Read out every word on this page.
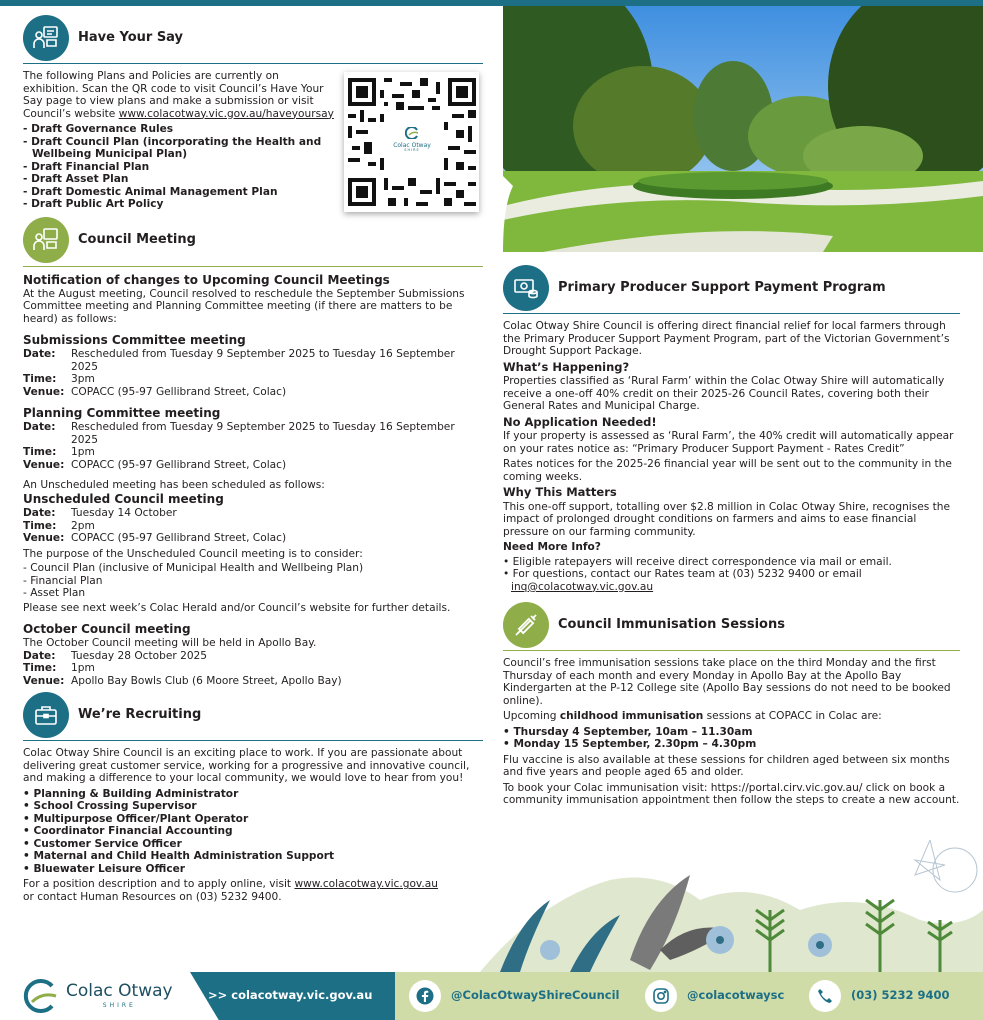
Have Your Say

The following Plans and Policies are currently on exhibition. Scan the QR code to visit Council’s Have Your Say page to view plans and make a submission or visit Council’s website www.colacotway.vic.gov.au/haveyoursay

- Draft Governance Rules
- Draft Council Plan (incorporating the Health and
Wellbeing Municipal Plan)
- Draft Financial Plan
- Draft Asset Plan
- Draft Domestic Animal Management Plan
- Draft Public Art Policy
Colac Otway
SHIRE
Council Meeting
Notification of changes to Upcoming Council Meetings

At the August meeting, Council resolved to reschedule the September Submissions Committee meeting and Planning Committee meeting (if there are matters to be heard) as follows:

Submissions Committee meeting
Date:	Rescheduled from Tuesday 9 September 2025 to Tuesday 16 September 2025
Time:	3pm
Venue: COPACC (95-97 Gellibrand Street, Colac)
Planning Committee meeting
Date:	Rescheduled from Tuesday 9 September 2025 to Tuesday 16 September 2025
Time:	1pm
Venue: COPACC (95-97 Gellibrand Street, Colac)

An Unscheduled meeting has been scheduled as follows:

Unscheduled Council meeting
Date:	Tuesday 14 October
Time:	2pm
Venue: COPACC (95-97 Gellibrand Street, Colac)

The purpose of the Unscheduled Council meeting is to consider:

- Council Plan (inclusive of Municipal Health and Wellbeing Plan)
- Financial Plan
- Asset Plan

Please see next week’s Colac Herald and/or Council’s website for further details.

October Council meeting
The October Council meeting will be held in Apollo Bay.
Date:	Tuesday 28 October 2025
Time:	1pm
Venue: Apollo Bay Bowls Club (6 Moore Street, Apollo Bay)
We’re Recruiting

Colac Otway Shire Council is an exciting place to work. If you are passionate about delivering great customer service, working for a progressive and innovative council, and making a difference to your local community, we would love to hear from you!

• Planning & Building Administrator
• School Crossing Supervisor
• Multipurpose Officer/Plant Operator
• Coordinator Financial Accounting
• Customer Service Officer
• Maternal and Child Health Administration Support
• Bluewater Leisure Officer

For a position description and to apply online, visit www.colacotway.vic.gov.au
or contact Human Resources on (03) 5232 9400.

Primary Producer Support Payment Program

Colac Otway Shire Council is offering direct financial relief for local farmers through the Primary Producer Support Payment Program, part of the Victorian Government’s Drought Support Package.

What’s Happening?

Properties classified as ‘Rural Farm’ within the Colac Otway Shire will automatically receive a one-off 40% credit on their 2025-26 Council Rates, covering both their General Rates and Municipal Charge.

No Application Needed!

If your property is assessed as ‘Rural Farm’, the 40% credit will automatically appear on your rates notice as: “Primary Producer Support Payment - Rates Credit”

Rates notices for the 2025-26 financial year will be sent out to the community in the coming weeks.

Why This Matters

This one-off support, totalling over $2.8 million in Colac Otway Shire, recognises the impact of prolonged drought conditions on farmers and aims to ease financial pressure on our farming community.

Need More Info?
• Eligible ratepayers will receive direct correspondence via mail or email.
• For questions, contact our Rates team at (03) 5232 9400 or email
inq@colacotway.vic.gov.au
Council Immunisation Sessions

Council’s free immunisation sessions take place on the third Monday and the first Thursday of each month and every Monday in Apollo Bay at the Apollo Bay Kindergarten at the P-12 College site (Apollo Bay sessions do not need to be booked online).

Upcoming childhood immunisation sessions at COPACC in Colac are:

• Thursday 4 September, 10am – 11.30am
• Monday 15 September, 2.30pm – 4.30pm

Flu vaccine is also available at these sessions for children aged between six months and five years and people aged 65 and older.

To book your Colac immunisation visit: https://portal.cirv.vic.gov.au/ click on book a community immunisation appointment then follow the steps to create a new account.

Colac Otway
SHIRE
>> colacotway.vic.gov.au	@ColacOtwayShireCouncil	@colacotwaysc	(03) 5232 9400
